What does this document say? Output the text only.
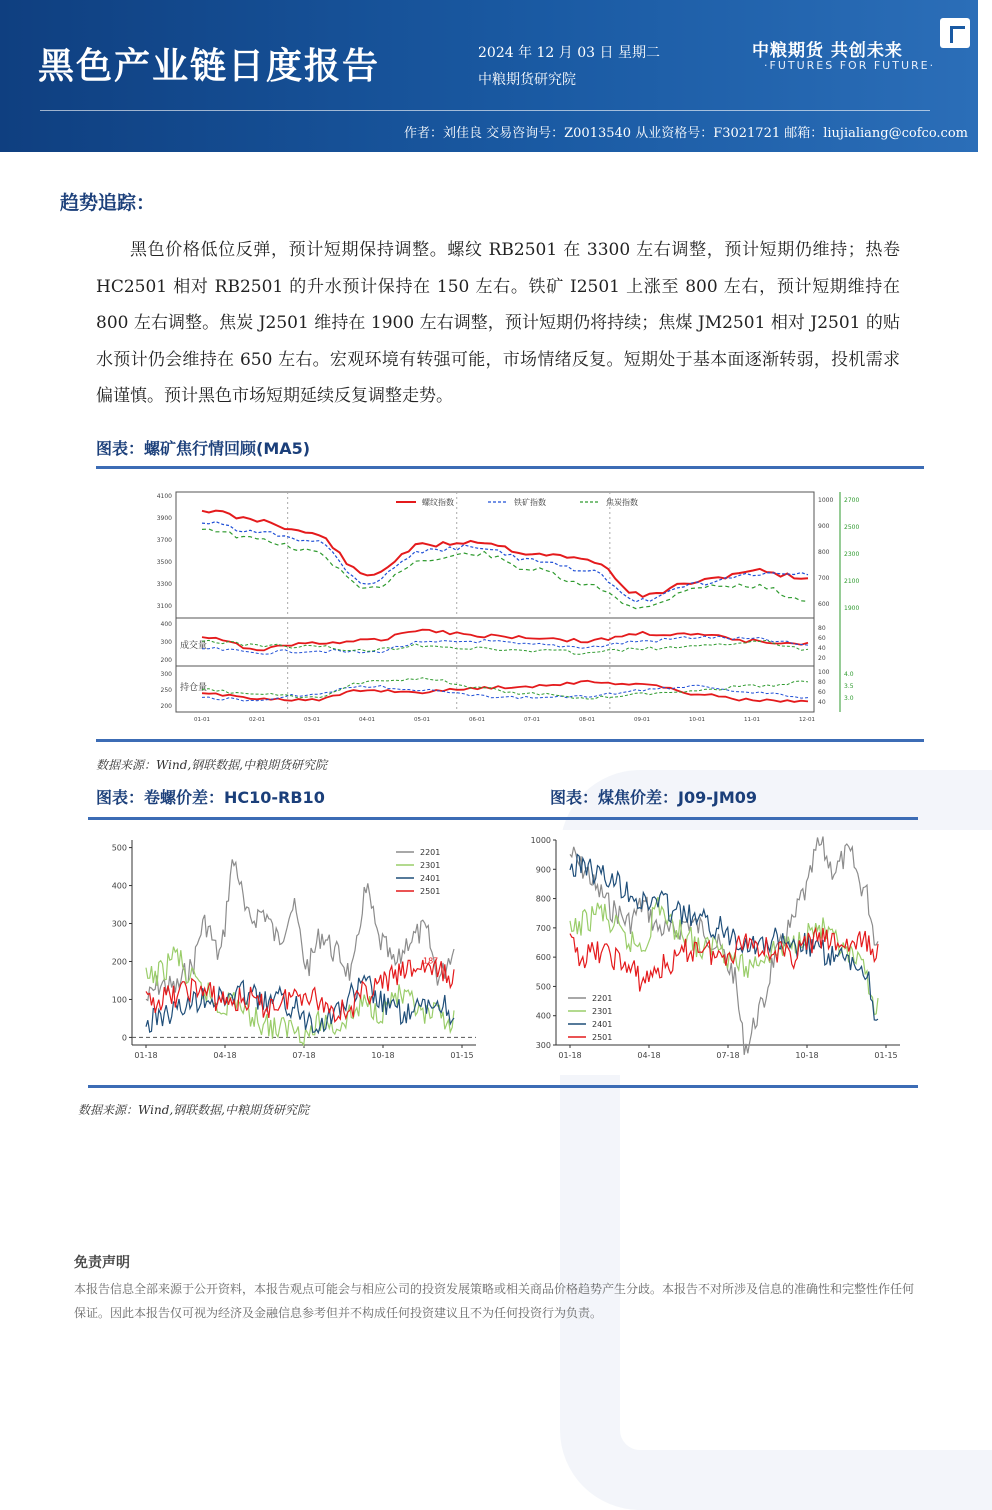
黑色产业链日度报告	2024 年 12 月 03 日 星期二
中粮期货研究院
中粮期货 共创未来
·FUTURES FOR FUTURE·
作者：刘佳良 交易咨询号：Z0013540 从业资格号：F3021721 邮箱：liujialiang@cofco.com
趋势追踪：
黑色价格低位反弹，预计短期保持调整。螺纹 RB2501 在 3300 左右调整，预计短期仍维持；热卷 HC2501 相对 RB2501 的升水预计保持在 150 左右。铁矿 I2501 上涨至 800 左右，预计短期维持在 800 左右调整。焦炭 J2501 维持在 1900 左右调整，预计短期仍将持续；焦煤 JM2501 相对 J2501 的贴水预计仍会维持在 650 左右。宏观环境有转强可能，市场情绪反复。短期处于基本面逐渐转弱，投机需求偏谨慎。预计黑色市场短期延续反复调整走势。
图表：螺矿焦行情回顾(MA5)
4100
3900
3700
3500
3300
3100
1000
900
800
700
600
2700
2500
2300
2100
1900
400
300
200
80
60
40
20
300
250
200
100
80
60
40
4.0
3.5
3.0
01-01	02-01	03-01	04-01	05-01	06-01	07-01	08-01	09-01	10-01	11-01	12-01
成交量
持仓量
螺纹指数	铁矿指数	焦炭指数
数据来源：Wind,钢联数据,中粮期货研究院
图表：卷螺价差：HC10-RB10	图表：煤焦价差：J09-JM09
0
100
200
300
400
500
01-18	04-18	07-18	10-18	01-15
2201
2301
2401
2501
187
300
400
500
600
700
800
900
1000
01-18	04-18	07-18	10-18	01-15
2201
2301
2401
2501
数据来源：Wind,钢联数据,中粮期货研究院
免责声明
本报告信息全部来源于公开资料，本报告观点可能会与相应公司的投资发展策略或相关商品价格趋势产生分歧。本报告不对所涉及信息的准确性和完整性作任何保证。因此本报告仅可视为经济及金融信息参考但并不构成任何投资建议且不为任何投资行为负责。
